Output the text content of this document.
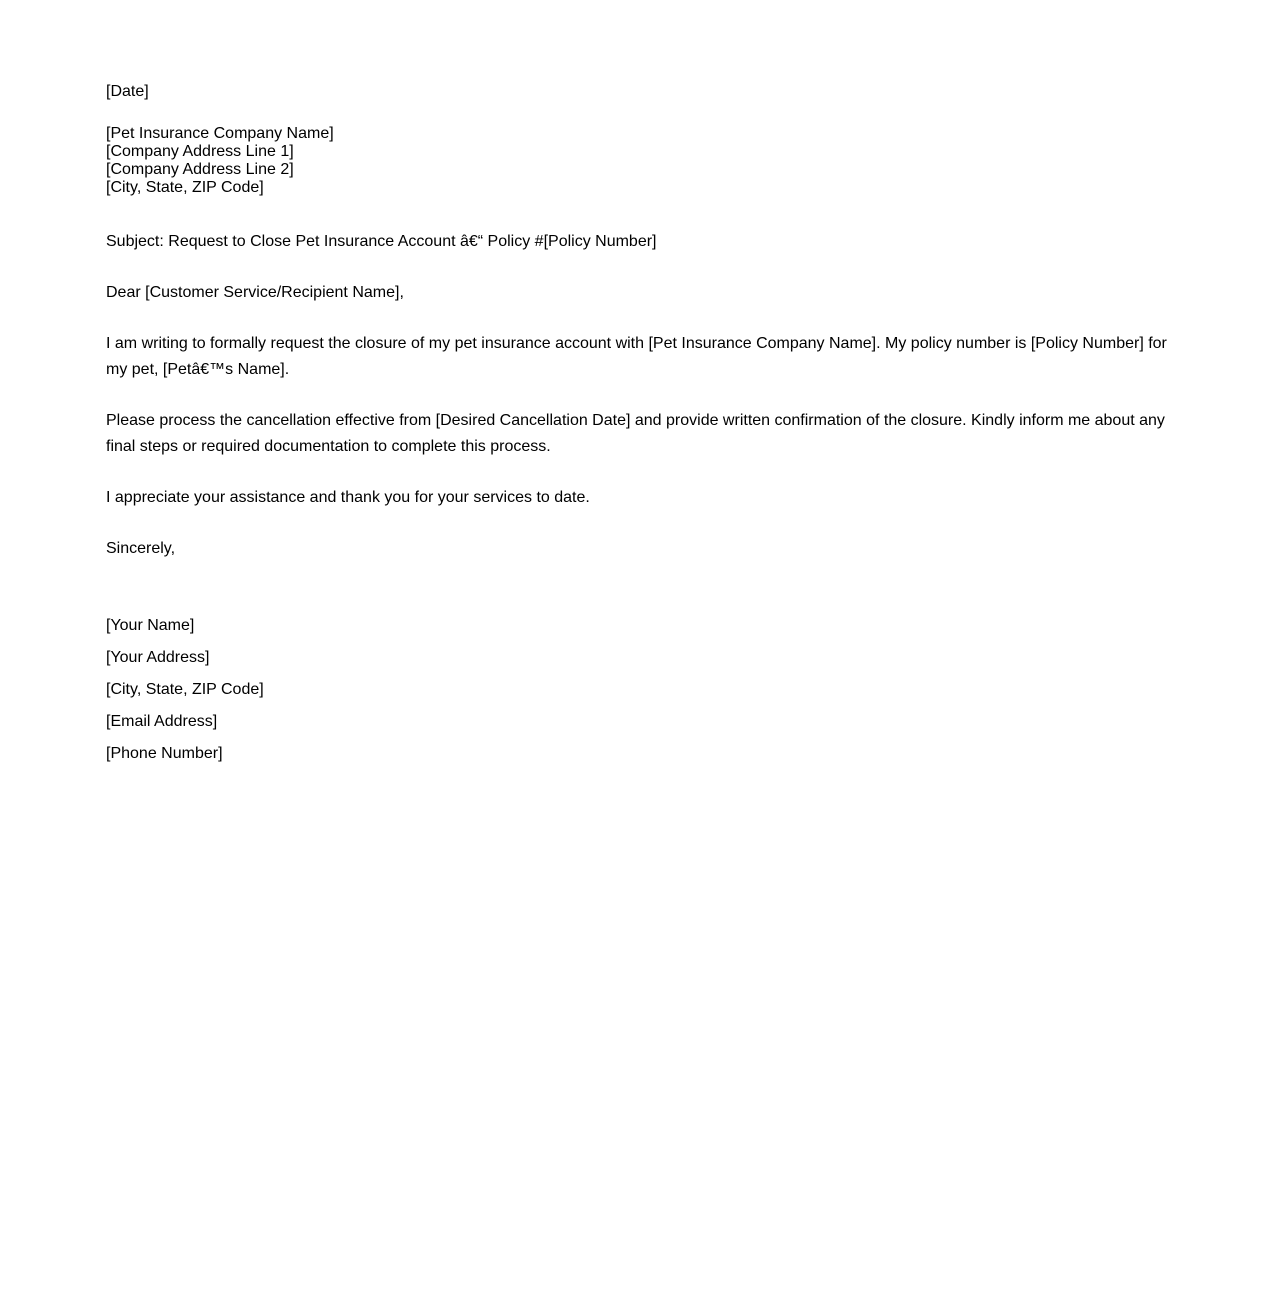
[Date]
[Pet Insurance Company Name]
[Company Address Line 1]
[Company Address Line 2]
[City, State, ZIP Code]
Subject: Request to Close Pet Insurance Account â€“ Policy #[Policy Number]
Dear [Customer Service/Recipient Name],
I am writing to formally request the closure of my pet insurance account with [Pet Insurance Company Name]. My policy number is [Policy Number] for my pet, [Petâ€™s Name].
Please process the cancellation effective from [Desired Cancellation Date] and provide written confirmation of the closure. Kindly inform me about any final steps or required documentation to complete this process.
I appreciate your assistance and thank you for your services to date.
Sincerely,
[Your Name]
[Your Address]
[City, State, ZIP Code]
[Email Address]
[Phone Number]
